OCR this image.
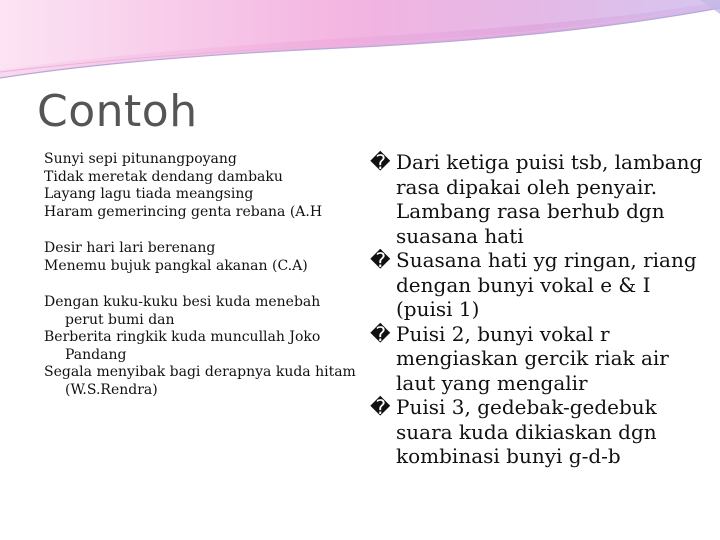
Contoh
Sunyi sepi pitunangpoyang
Tidak meretak dendang dambaku
Layang lagu tiada meangsing
Haram gemerincing genta rebana (A.H
Desir hari lari berenang
Menemu bujuk pangkal akanan (C.A)
Dengan kuku-kuku besi kuda menebah perut bumi dan
Berberita ringkik kuda muncullah Joko Pandang
Segala menyibak bagi derapnya kuda hitam (W.S.Rendra)
� Dari ketiga puisi tsb, lambang rasa dipakai oleh penyair. Lambang rasa berhub dgn suasana hati
� Suasana hati yg ringan, riang dengan bunyi vokal e & I (puisi 1)
� Puisi 2, bunyi vokal r mengiaskan gercik riak air laut yang mengalir
� Puisi 3, gedebak-gedebuk suara kuda dikiaskan dgn kombinasi bunyi g-d-b
